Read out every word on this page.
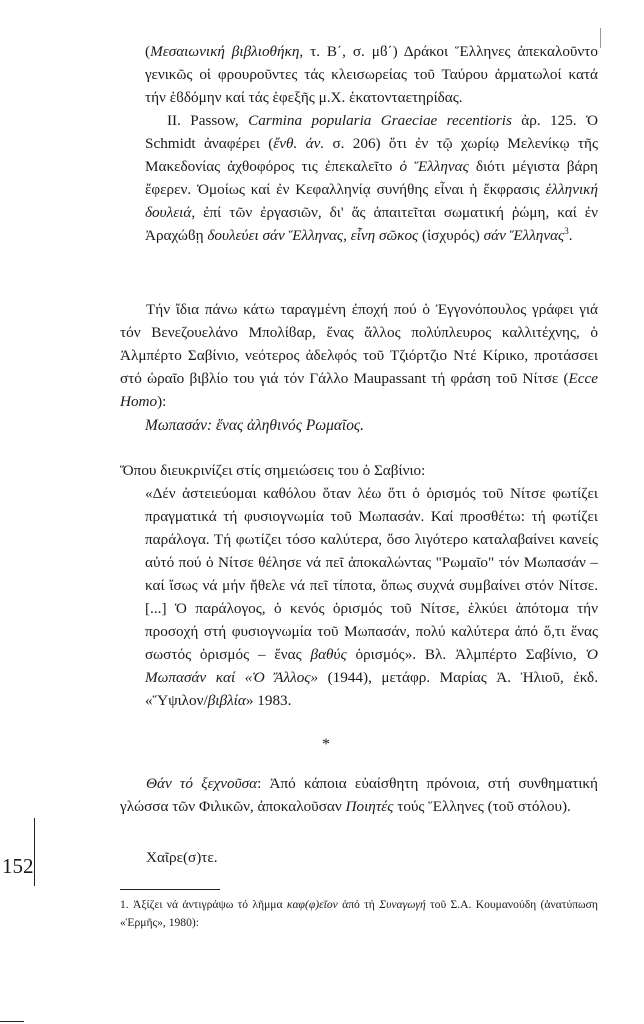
(Μεσαιωνική βιβλιοθήκη, τ. Β΄, σ. μϐ΄) Δράκοι Ἕλληνες ἀπεκαλοῦντο γενικῶς οἱ φρουροῦντες τάς κλεισωρείας τοῦ Ταύρου ἁρματωλοί κατά τήν ἑϐδόμην καί τάς ἑφεξῆς μ.Χ. ἑκατονταετηρίδας.

ΙΙ. Passow, Carmina popularia Graeciae recentioris ἀρ. 125. Ὁ Schmidt ἀναφέρει (ἔνθ. ἀν. σ. 206) ὅτι ἐν τῷ χωρίῳ Μελενίκῳ τῆς Μακεδονίας ἀχθοφόρος τις ἐπεκαλεῖτο ὁ Ἕλληνας διότι μέγιστα βάρη ἔφερεν. Ὁμοίως καί ἐν Κεφαλληνίᾳ συνήθης εἶναι ἡ ἔκφρασις ἑλληνική δουλειά, ἐπί τῶν ἐργασιῶν, δι' ἅς ἀπαιτεῖται σωματική ῥώμη, καί ἐν Ἀραχώϐῃ δουλεύει σάν Ἕλληνας, εἶνη σῶκος (ἰσχυρός) σάν Ἕλληνας$^3$.

Τήν ἴδια πάνω κάτω ταραγμένη ἐποχή πού ὁ Ἐγγονόπουλος γράφει γιά τόν Βενεζουελάνο Μπολίϐαρ, ἕνας ἄλλος πολύπλευρος καλλιτέχνης, ὁ Ἀλμπέρτο Σαβίνιο, νεότερος ἀδελφός τοῦ Τζιόρτζιο Ντέ Κίρικο, προτάσσει στό ὡραῖο βιβλίο του γιά τόν Γάλλο Maupassant τή φράση τοῦ Νίτσε (Ecce Homo):

Μωπασάν: ἕνας ἀληθινός Ρωμαῖος.
Ὅπου διευκρινίζει στίς σημειώσεις του ὁ Σαβίνιο:
«Δέν ἀστειεύομαι καθόλου ὅταν λέω ὅτι ὁ ὁρισμός τοῦ Νίτσε φωτίζει πραγματικά τή φυσιογνωμία τοῦ Μωπασάν. Καί προσθέτω: τή φωτίζει παράλογα. Τή φωτίζει τόσο καλύτερα, ὅσο λιγότερο καταλαβαίνει κανείς αὐτό πού ὁ Νίτσε θέλησε νά πεῖ ἀποκαλώντας "Ρωμαῖο" τόν Μωπασάν – καί ἴσως νά μήν ἤθελε νά πεῖ τίποτα, ὅπως συχνά συμβαίνει στόν Νίτσε. [...] Ὁ παράλογος, ὁ κενός ὁρισμός τοῦ Νίτσε, ἑλκύει ἀπότομα τήν προσοχή στή φυσιογνωμία τοῦ Μωπασάν, πολύ καλύτερα ἀπό ὅ,τι ἕνας σωστός ὁρισμός – ἕνας βαθύς ὁρισμός». Βλ. Ἀλμπέρτο Σαβίνιο, Ὁ Μωπασάν καί «Ὁ Ἄλλος» (1944), μετάφρ. Μαρίας Ἀ. Ἠλιοῦ, ἐκδ. «Ὕψιλον/βιβλία» 1983.
*

Θάν τό ξεχνοῦσα: Ἀπό κάποια εὐαίσθητη πρόνοια, στή συνθηματική γλώσσα τῶν Φιλικῶν, ἀποκαλοῦσαν Ποιητές τούς Ἕλληνες (τοῦ στόλου).

Χαῖρε(σ)τε.
152
1. Ἀξίζει νά ἀντιγράψω τό λῆμμα καφ(φ)εῖον ἀπό τή Συναγωγή τοῦ Σ.Α. Κουμανούδη (ἀνατύπωση «Ἑρμῆς», 1980):
